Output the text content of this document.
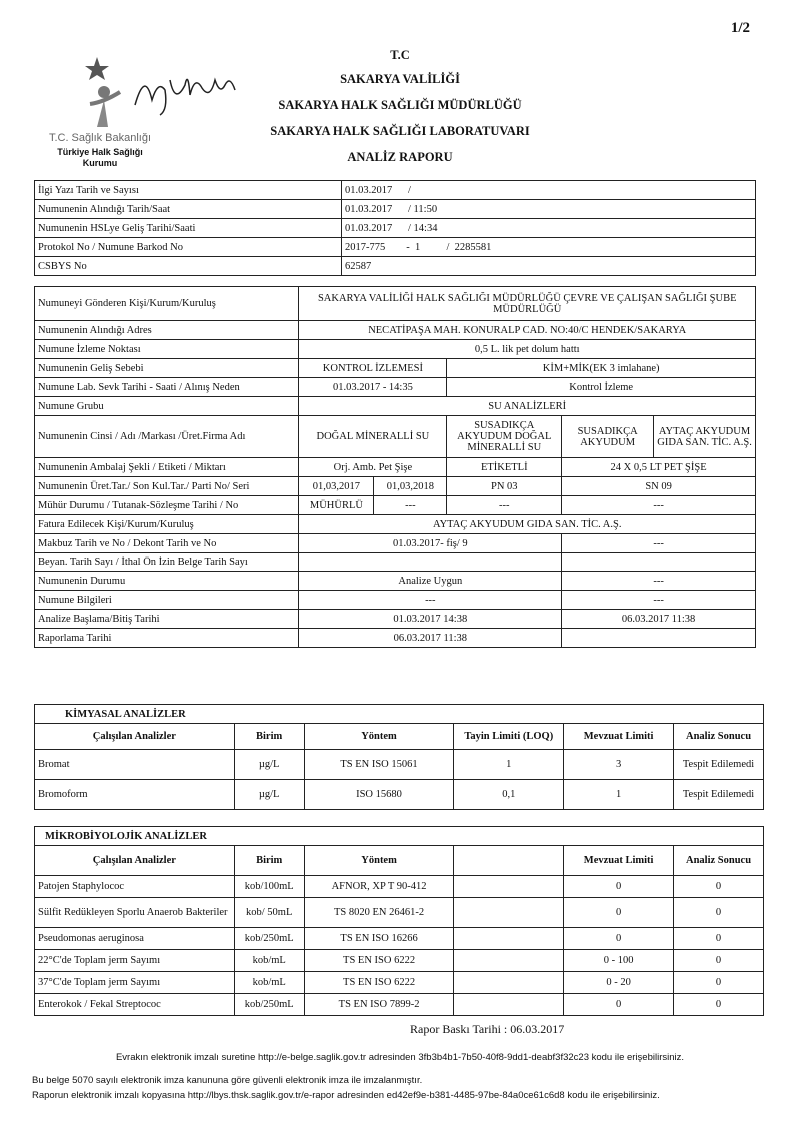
1/2
T.C. Sağlık Bakanlığı
Türkiye Halk Sağlığı
Kurumu
T.C
SAKARYA VALİLİĞİ
SAKARYA HALK SAĞLIĞI MÜDÜRLÜĞÜ
SAKARYA HALK SAĞLIĞI LABORATUVARI
ANALİZ RAPORU
İlgi Yazı Tarih ve Sayısı	01.03.2017      /
Numunenin Alındığı Tarih/Saat	01.03.2017      / 11:50
Numunenin HSLye Geliş Tarihi/Saati	01.03.2017      / 14:34
Protokol No / Numune Barkod No	2017-775        -  1          /  2285581
CSBYS No	62587
Numuneyi Gönderen Kişi/Kurum/Kuruluş	SAKARYA VALİLİĞİ HALK SAĞLIĞI MÜDÜRLÜĞÜ ÇEVRE VE ÇALIŞAN SAĞLIĞI ŞUBE MÜDÜRLÜĞÜ				
Numunenin Alındığı Adres	NECATİPAŞA MAH. KONURALP CAD. NO:40/C HENDEK/SAKARYA				
Numune İzleme Noktası	0,5 L. lik pet dolum hattı				
Numunenin Geliş Sebebi	KONTROL İZLEMESİ		KİM+MİK(EK 3 imlahane)		
Numune Lab. Sevk Tarihi - Saati / Alınış Neden	01.03.2017 - 14:35		Kontrol İzleme		
Numune Grubu	SU ANALİZLERİ				
Numunenin Cinsi / Adı /Markası /Üret.Firma Adı	DOĞAL MİNERALLİ SU		SUSADIKÇA AKYUDUM DOĞAL MİNERALLİ SU	SUSADIKÇA AKYUDUM	AYTAÇ AKYUDUM GIDA SAN. TİC. A.Ş.
Numunenin Ambalaj Şekli / Etiketi / Miktarı	Orj. Amb. Pet Şişe		ETİKETLİ	24 X 0,5 LT PET ŞİŞE	
Numunenin Üret.Tar./ Son Kul.Tar./ Parti No/ Seri	01,03,2017	01,03,2018	PN 03	SN 09	
Mühür Durumu / Tutanak-Sözleşme Tarihi / No	MÜHÜRLÜ	---	---	---	
Fatura Edilecek Kişi/Kurum/Kuruluş	AYTAÇ AKYUDUM GIDA SAN. TİC. A.Ş.				
Makbuz Tarih ve No / Dekont Tarih ve No	01.03.2017- fiş/ 9			---	
Beyan. Tarih Sayı / İthal Ön İzin Belge Tarih Sayı					
Numunenin Durumu	Analize Uygun			---	
Numune Bilgileri	---			---	
Analize Başlama/Bitiş Tarihi	01.03.2017 14:38			06.03.2017 11:38	
Raporlama Tarihi	06.03.2017 11:38				
KİMYASAL ANALİZLER					
Çalışılan Analizler	Birim	Yöntem	Tayin Limiti (LOQ)	Mevzuat Limiti	Analiz Sonucu
Bromat	µg/L	TS EN ISO 15061	1	3	Tespit Edilemedi
Bromoform	µg/L	ISO 15680	0,1	1	Tespit Edilemedi
MİKROBİYOLOJİK ANALİZLER					
Çalışılan Analizler	Birim	Yöntem		Mevzuat Limiti	Analiz Sonucu
Patojen Staphylococ	kob/100mL	AFNOR, XP T 90-412		0	0
Sülfit Redükleyen Sporlu Anaerob Bakteriler	kob/ 50mL	TS 8020 EN 26461-2		0	0
Pseudomonas aeruginosa	kob/250mL	TS EN ISO 16266		0	0
22°C'de Toplam jerm Sayımı	kob/mL	TS EN ISO 6222		0 - 100	0
37°C'de Toplam jerm Sayımı	kob/mL	TS EN ISO 6222		0 - 20	0
Enterokok / Fekal Streptococ	kob/250mL	TS EN ISO 7899-2		0	0
Rapor Baskı Tarihi : 06.03.2017
Evrakın elektronik imzalı suretine http://e-belge.saglik.gov.tr adresinden 3fb3b4b1-7b50-40f8-9dd1-deabf3f32c23 kodu ile erişebilirsiniz.
Bu belge 5070 sayılı elektronik imza kanununa göre güvenli elektronik imza ile imzalanmıştır.
Raporun elektronik imzalı kopyasına http://lbys.thsk.saglik.gov.tr/e-rapor adresinden ed42ef9e-b381-4485-97be-84a0ce61c6d8 kodu ile erişebilirsiniz.
